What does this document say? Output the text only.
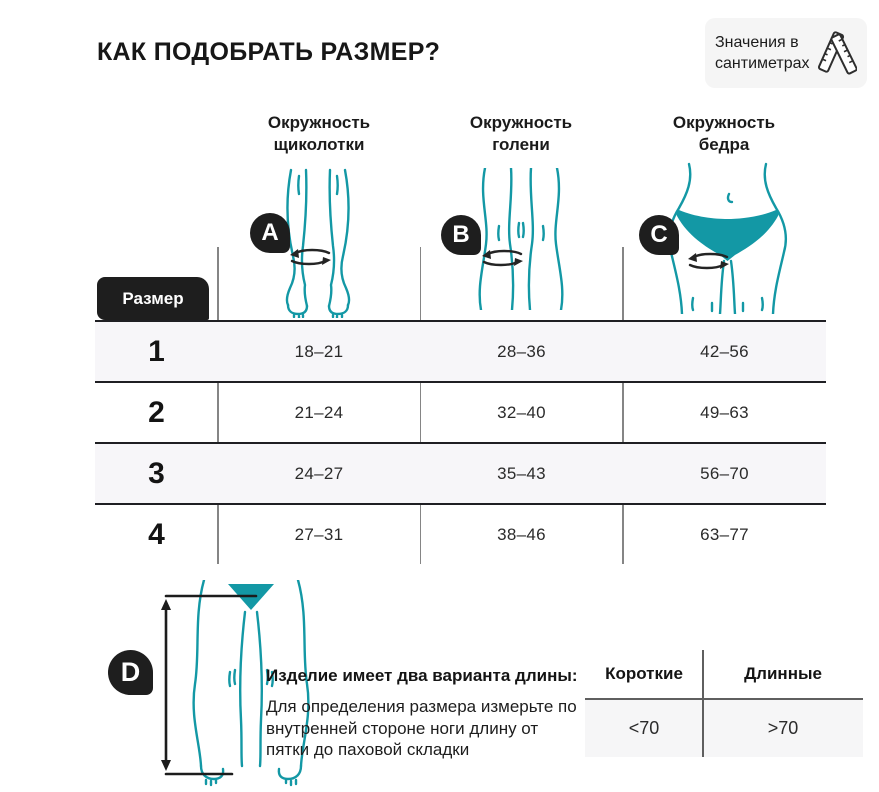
КАК ПОДОБРАТЬ РАЗМЕР?	Значения в сантиметрах
Окружность щиколотки
Окружность голени
Окружность бедра
A	B	C
Размер
1	18–21	28–36	42–56
2	21–24	32–40	49–63
3	24–27	35–43	56–70
4	27–31	38–46	63–77
D	Изделие имеет два варианта длины:
Для определения размера измерьте по внутренней стороне ноги длину от пятки до паховой складки
Короткие	Длинные
<70	>70
